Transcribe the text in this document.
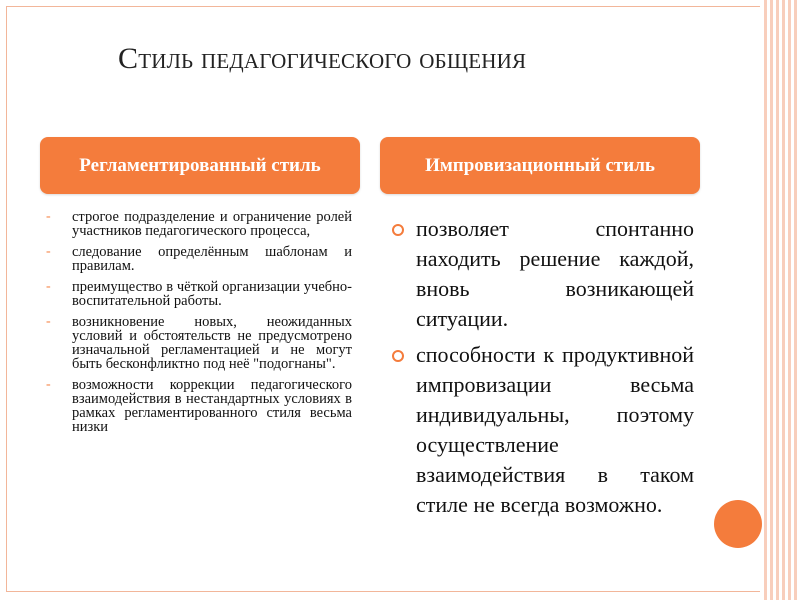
Стиль педагогического общения
Регламентированный стиль	Импровизационный стиль
- строгое подразделение и ограничение ролей участников педагогического процесса,
- следование определённым шаблонам и правилам.
- преимущество в чёткой организации учебно-воспитательной работы.
- возникновение новых, неожиданных условий и обстоятельств не предусмотрено изначальной регламентацией и не могут быть бесконфликтно под неё "подогнаны".
- возможности коррекции педагогического взаимодействия в нестандартных условиях в рамках регламентированного стиля весьма низки
позволяет спонтанно находить решение каждой, вновь возникающей ситуации.
способности к продуктивной импровизации весьма индивидуальны, поэтому осуществление взаимодействия в таком стиле не всегда возможно.
